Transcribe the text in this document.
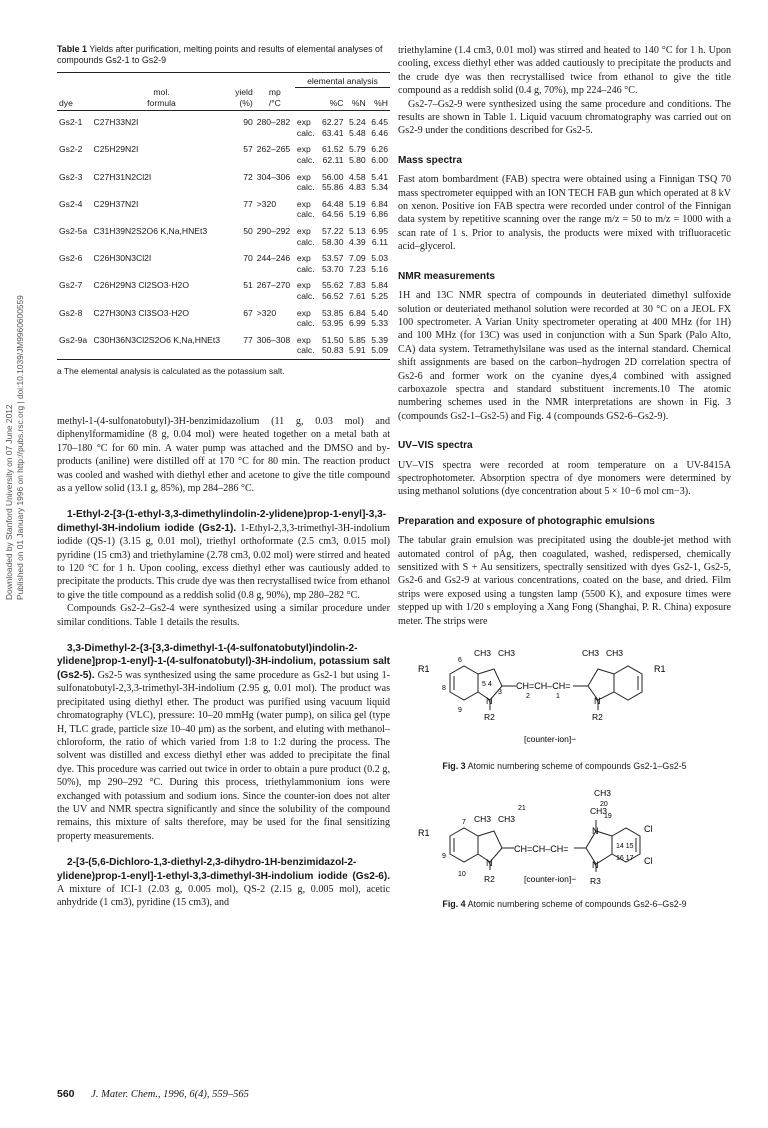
Downloaded by Stanford University on 07 June 2012 Published on 01 January 1996 on http://pubs.rsc.org | doi:10.1039/JM9960600559
Table 1 Yields after purification, melting points and results of elemental analyses of compounds Gs2-1 to Gs2-9
				elemental analysis			
	mol.	yield	mp				
dye	formula	(%)	/°C		%C	%N	%H
Gs2-1	C27H33N2I	90	280–282	exp	62.27	5.24	6.45
				calc.	63.41	5.48	6.46
Gs2-2	C25H29N2I	57	262–265	exp	61.52	5.79	6.26
				calc.	62.11	5.80	6.00
Gs2-3	C27H31N2Cl2I	72	304–306	exp	56.00	4.58	5.41
				calc.	55.86	4.83	5.34
Gs2-4	C29H37N2I	77	>320	exp	64.48	5.19	6.84
				calc.	64.56	5.19	6.86
Gs2-5a	C31H39N2S2O6 K,Na,HNEt3	50	290–292	exp	57.22	5.13	6.95
				calc.	58.30	4.39	6.11
Gs2-6	C26H30N3Cl2I	70	244–246	exp	53.57	7.09	5.03
				calc.	53.70	7.23	5.16
Gs2-7	C26H29N3 Cl2SO3·H2O	51	267–270	exp	55.62	7.83	5.84
				calc.	56.52	7.61	5.25
Gs2-8	C27H30N3 Cl3SO3·H2O	67	>320	exp	53.85	6.84	5.40
				calc.	53.95	6.99	5.33
Gs2-9a	C30H36N3Cl2S2O6 K,Na,HNEt3	77	306–308	exp	51.50	5.85	5.39
				calc.	50.83	5.91	5.09
a The elemental analysis is calculated as the potassium salt.

methyl-1-(4-sulfonatobutyl)-3H-benzimidazolium (11 g, 0.03 mol) and diphenylformamidine (8 g, 0.04 mol) were heated together on a metal bath at 170–180 °C for 60 min. A water pump was attached and the DMSO and by-products (aniline) were distilled off at 170 °C for 80 min. The reaction product was cooled and washed with diethyl ether and acetone to give the title compound as a yellow solid (13.1 g, 85%), mp 284–286 °C.

1-Ethyl-2-[3-(1-ethyl-3,3-dimethylindolin-2-ylidene)prop-1-enyl]-3,3-dimethyl-3H-indolium iodide (Gs2-1). 1-Ethyl-2,3,3-trimethyl-3H-indolium iodide (QS-1) (3.15 g, 0.01 mol), triethyl orthoformate (2.5 cm3, 0.015 mol) pyridine (15 cm3) and triethylamine (2.78 cm3, 0.02 mol) were stirred and heated to 120 °C for 1 h. Upon cooling, excess diethyl ether was cautiously added to precipitate the products. This crude dye was then recrystallised twice from ethanol to give the title compound as a reddish solid (0.8 g, 90%), mp 280–282 °C.

Compounds Gs2-2–Gs2-4 were synthesized using a similar procedure under similar conditions. Table 1 details the results.

3,3-Dimethyl-2-{3-[3,3-dimethyl-1-(4-sulfonatobutyl)indolin-2-ylidene]prop-1-enyl}-1-(4-sulfonatobutyl)-3H-indolium, potassium salt (Gs2-5). Gs2-5 was synthesized using the same procedure as Gs2-1 but using 1-sulfonatobutyl-2,3,3-trimethyl-3H-indolium (2.95 g, 0.01 mol). The product was precipitated using diethyl ether. The product was purified using vacuum liquid chromatography (VLC), pressure: 10–20 mmHg (water pump), on silica gel (type H, TLC grade, particle size 10–40 μm) as the sorbent, and eluting with methanol–chloroform, the ratio of which varied from 1:8 to 1:2 during the process. The solvent was distilled and excess diethyl ether was added to precipitate the final dye. This procedure was carried out twice in order to obtain a pure product (0.2 g, 50%), mp 290–292 °C. During this process, triethylammonium ions were exchanged with potassium and sodium ions. Since the counter-ion does not alter the UV and NMR spectra significantly and since the solubility of the compound remains, this mixture of salts therefore, may be used for the final sensitizing property measurements.

2-[3-(5,6-Dichloro-1,3-diethyl-2,3-dihydro-1H-benzimidazol-2-ylidene)prop-1-enyl]-1-ethyl-3,3-dimethyl-3H-indolium iodide (Gs2-6). A mixture of ICI-1 (2.03 g, 0.005 mol), QS-2 (2.15 g, 0.005 mol), acetic anhydride (1 cm3), pyridine (15 cm3), and

triethylamine (1.4 cm3, 0.01 mol) was stirred and heated to 140 °C for 1 h. Upon cooling, excess diethyl ether was added cautiously to precipitate the products and the crude dye was then recrystallised twice from ethanol to give the title compound as a reddish solid (0.4 g, 70%), mp 224–246 °C.

Gs2-7–Gs2-9 were synthesized using the same procedure and conditions. The results are shown in Table 1. Liquid vacuum chromatography was carried out on Gs2-9 under the conditions described for Gs2-5.

Mass spectra

Fast atom bombardment (FAB) spectra were obtained using a Finnigan TSQ 70 mass spectrometer equipped with an ION TECH FAB gun which operated at 8 kV on xenon. Positive ion FAB spectra were recorded under control of the Finnigan data system by repetitive scanning over the range m/z = 50 to m/z = 1000 with a scan rate of 1 s. Prior to analysis, the products were mixed with trifluoracetic acid–glycerol.

NMR measurements

1H and 13C NMR spectra of compounds in deuteriated dimethyl sulfoxide solution or deuteriated methanol solution were recorded at 30 °C on a JEOL FX 100 spectrometer. A Varian Unity spectrometer operating at 400 MHz (for 1H) and 100 MHz (for 13C) was used in conjunction with a Sun Spark (Palo Alto, CA) data system. Tetramethylsilane was used as the internal standard. Chemical shift assignments are based on the carbon–hydrogen 2D correlation spectra of Gs2-6 and former work on the cyanine dyes,4 combined with assigned carboxazole spectra and standard substituent increments.10 The atomic numbering schemes used in the NMR interpretations are shown in Fig. 3 (compounds Gs2-1–Gs2-5) and Fig. 4 (compounds GS2-6–Gs2-9).

UV–VIS spectra

UV–VIS spectra were recorded at room temperature on a UV-8415A spectrophotometer. Absorption spectra of dye monomers were determined by using methanol solutions (dye concentration about 5 × 10−6 mol cm−3).

Preparation and exposure of photographic emulsions

The tabular grain emulsion was precipitated using the double-jet method with automated control of pAg, then coagulated, washed, redispersed, chemically sensitized with S + Au sensitizers, spectrally sensitized with dyes Gs2-1, Gs2-5, Gs2-6 and Gs2-9 at various concentrations, coated on the base, and dried. Film strips were exposed using a tungsten lamp (5500 K), and exposure times were stepped up with 1/20 s employing a Xang Fong (Shanghai, P. R. China) exposure meter. The strips were

R1	R1
CH3 CH3	CH3 CH3
CH=CH–CH=
N	N
R2	R2
[counter-ion]−
6
8
5 4
3
2	1
9
Fig. 3 Atomic numbering scheme of compounds Gs2-1–Gs2-5
R1
CH3 CH3
CH3
CH3
CH=CH–CH=
N
N
N
R2	R3
Cl
Cl
[counter-ion]−
7
9
10
20
19
21
14 15
16 17
Fig. 4 Atomic numbering scheme of compounds Gs2-6–Gs2-9
560 J. Mater. Chem., 1996, 6(4), 559–565
